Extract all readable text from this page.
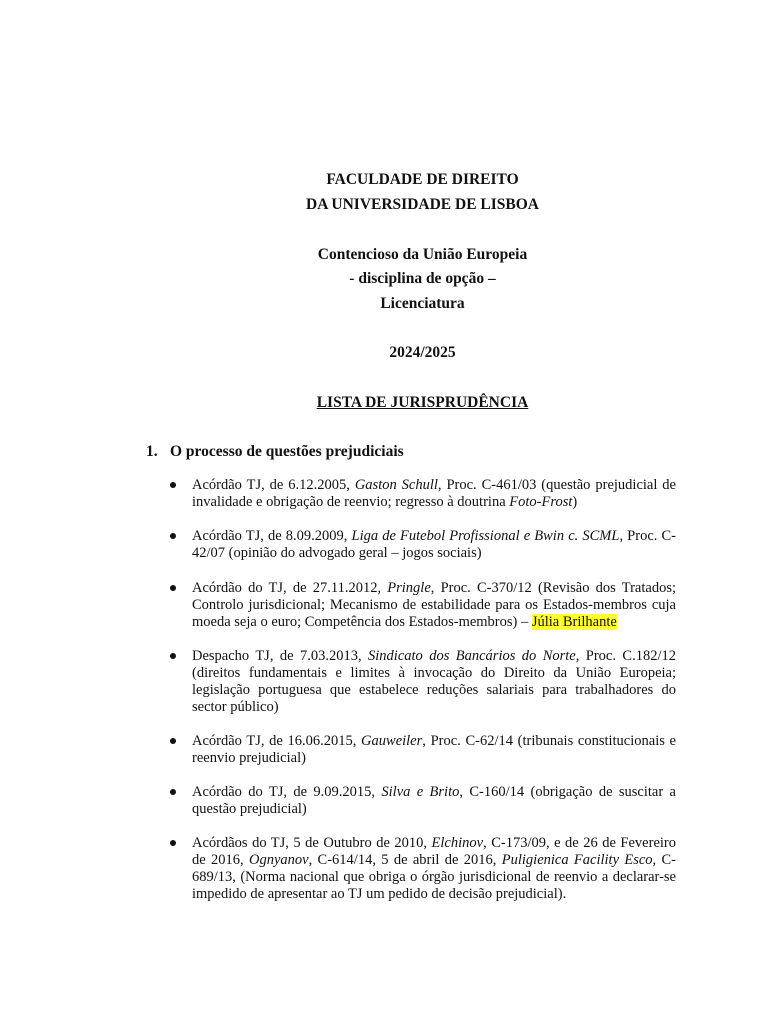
FACULDADE DE DIREITO
DA UNIVERSIDADE DE LISBOA
Contencioso da União Europeia
- disciplina de opção –
Licenciatura
2024/2025
LISTA DE JURISPRUDÊNCIA
1. O processo de questões prejudiciais
Acórdão TJ, de 6.12.2005, Gaston Schull, Proc. C-461/03 (questão prejudicial de invalidade e obrigação de reenvio; regresso à doutrina Foto-Frost)
Acórdão TJ, de 8.09.2009, Liga de Futebol Profissional e Bwin c. SCML, Proc. C-42/07 (opinião do advogado geral – jogos sociais)
Acórdão do TJ, de 27.11.2012, Pringle, Proc. C-370/12 (Revisão dos Tratados; Controlo jurisdicional; Mecanismo de estabilidade para os Estados-membros cuja moeda seja o euro; Competência dos Estados-membros) – Júlia Brilhante
Despacho TJ, de 7.03.2013, Sindicato dos Bancários do Norte, Proc. C.182/12 (direitos fundamentais e limites à invocação do Direito da União Europeia; legislação portuguesa que estabelece reduções salariais para trabalhadores do sector público)
Acórdão TJ, de 16.06.2015, Gauweiler, Proc. C-62/14 (tribunais constitucionais e reenvio prejudicial)
Acórdão do TJ, de 9.09.2015, Silva e Brito, C-160/14 (obrigação de suscitar a questão prejudicial)
Acórdãos do TJ, 5 de Outubro de 2010, Elchinov, C-173/09, e de 26 de Fevereiro de 2016, Ognyanov, C-614/14, 5 de abril de 2016, Puligienica Facility Esco, C-689/13, (Norma nacional que obriga o órgão jurisdicional de reenvio a declarar-se impedido de apresentar ao TJ um pedido de decisão prejudicial).
